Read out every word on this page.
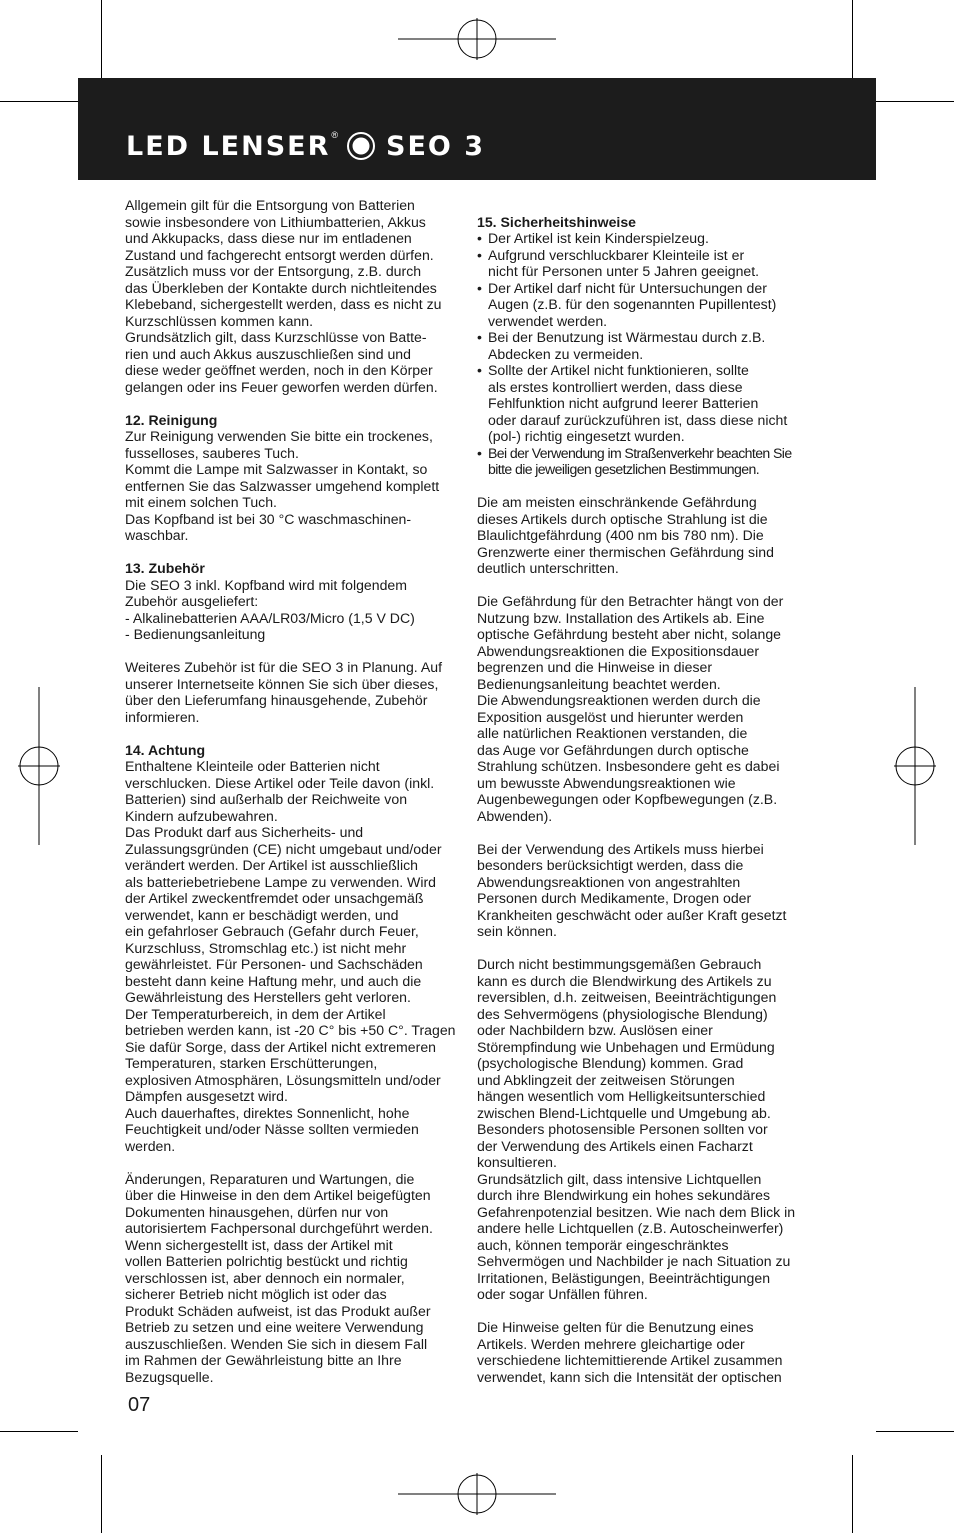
LED LENSER ® SEO 3
Allgemein gilt für die Entsorgung von Batterien
sowie insbesondere von Lithiumbatterien, Akkus
und Akkupacks, dass diese nur im entladenen
Zustand und fachgerecht entsorgt werden dürfen.
Zusätzlich muss vor der Entsorgung, z.B. durch
das Überkleben der Kontakte durch nichtleitendes
Klebeband, sichergestellt werden, dass es nicht zu
Kurzschlüssen kommen kann.
Grundsätzlich gilt, dass Kurzschlüsse von Batte-
rien und auch Akkus auszuschließen sind und
diese weder geöffnet werden, noch in den Körper
gelangen oder ins Feuer geworfen werden dürfen.

12. Reinigung

Zur Reinigung verwenden Sie bitte ein trockenes,
fusselloses, sauberes Tuch.
Kommt die Lampe mit Salzwasser in Kontakt, so
entfernen Sie das Salzwasser umgehend komplett
mit einem solchen Tuch.
Das Kopfband ist bei 30 °C waschmaschinen-
waschbar.

13. Zubehör

Die SEO 3 inkl. Kopfband wird mit folgendem
Zubehör ausgeliefert:
- Alkalinebatterien AAA/LR03/Micro (1,5 V DC)
- Bedienungsanleitung
Weiteres Zubehör ist für die SEO 3 in Planung. Auf
unserer Internetseite können Sie sich über dieses,
über den Lieferumfang hinausgehende, Zubehör
informieren.

14. Achtung

Enthaltene Kleinteile oder Batterien nicht
verschlucken. Diese Artikel oder Teile davon (inkl.
Batterien) sind außerhalb der Reichweite von
Kindern aufzubewahren.
Das Produkt darf aus Sicherheits- und
Zulassungsgründen (CE) nicht umgebaut und/oder
verändert werden. Der Artikel ist ausschließlich
als batteriebetriebene Lampe zu verwenden. Wird
der Artikel zweckentfremdet oder unsachgemäß
verwendet, kann er beschädigt werden, und
ein gefahrloser Gebrauch (Gefahr durch Feuer,
Kurzschluss, Stromschlag etc.) ist nicht mehr
gewährleistet. Für Personen- und Sachschäden
besteht dann keine Haftung mehr, und auch die
Gewährleistung des Herstellers geht verloren.
Der Temperaturbereich, in dem der Artikel
betrieben werden kann, ist -20 C° bis +50 C°. Tragen
Sie dafür Sorge, dass der Artikel nicht extremeren
Temperaturen, starken Erschütterungen,
explosiven Atmosphären, Lösungsmitteln und/oder
Dämpfen ausgesetzt wird.
Auch dauerhaftes, direktes Sonnenlicht, hohe
Feuchtigkeit und/oder Nässe sollten vermieden
werden.
Änderungen, Reparaturen und Wartungen, die
über die Hinweise in den dem Artikel beigefügten
Dokumenten hinausgehen, dürfen nur von
autorisiertem Fachpersonal durchgeführt werden.
Wenn sichergestellt ist, dass der Artikel mit
vollen Batterien polrichtig bestückt und richtig
verschlossen ist, aber dennoch ein normaler,
sicherer Betrieb nicht möglich ist oder das
Produkt Schäden aufweist, ist das Produkt außer
Betrieb zu setzen und eine weitere Verwendung
auszuschließen. Wenden Sie sich in diesem Fall
im Rahmen der Gewährleistung bitte an Ihre
Bezugsquelle.

15. Sicherheitshinweise

• Der Artikel ist kein Kinderspielzeug.
• Aufgrund verschluckbarer Kleinteile ist er
nicht für Personen unter 5 Jahren geeignet.
• Der Artikel darf nicht für Untersuchungen der
Augen (z.B. für den sogenannten Pupillentest)
verwendet werden.
• Bei der Benutzung ist Wärmestau durch z.B.
Abdecken zu vermeiden.
• Sollte der Artikel nicht funktionieren, sollte
als erstes kontrolliert werden, dass diese
Fehlfunktion nicht aufgrund leerer Batterien
oder darauf zurückzuführen ist, dass diese nicht
(pol-) richtig eingesetzt wurden.
• Bei der Verwendung im Straßenverkehr beachten Sie
bitte die jeweiligen gesetzlichen Bestimmungen.
Die am meisten einschränkende Gefährdung
dieses Artikels durch optische Strahlung ist die
Blaulichtgefährdung (400 nm bis 780 nm). Die
Grenzwerte einer thermischen Gefährdung sind
deutlich unterschritten.
Die Gefährdung für den Betrachter hängt von der
Nutzung bzw. Installation des Artikels ab. Eine
optische Gefährdung besteht aber nicht, solange
Abwendungsreaktionen die Expositionsdauer
begrenzen und die Hinweise in dieser
Bedienungsanleitung beachtet werden.
Die Abwendungsreaktionen werden durch die
Exposition ausgelöst und hierunter werden
alle natürlichen Reaktionen verstanden, die
das Auge vor Gefährdungen durch optische
Strahlung schützen. Insbesondere geht es dabei
um bewusste Abwendungsreaktionen wie
Augenbewegungen oder Kopfbewegungen (z.B.
Abwenden).
Bei der Verwendung des Artikels muss hierbei
besonders berücksichtigt werden, dass die
Abwendungsreaktionen von angestrahlten
Personen durch Medikamente, Drogen oder
Krankheiten geschwächt oder außer Kraft gesetzt
sein können.
Durch nicht bestimmungsgemäßen Gebrauch
kann es durch die Blendwirkung des Artikels zu
reversiblen, d.h. zeitweisen, Beeinträchtigungen
des Sehvermögens (physiologische Blendung)
oder Nachbildern bzw. Auslösen einer
Störempfindung wie Unbehagen und Ermüdung
(psychologische Blendung) kommen. Grad
und Abklingzeit der zeitweisen Störungen
hängen wesentlich vom Helligkeitsunterschied
zwischen Blend-Lichtquelle und Umgebung ab.
Besonders photosensible Personen sollten vor
der Verwendung des Artikels einen Facharzt
konsultieren.
Grundsätzlich gilt, dass intensive Lichtquellen
durch ihre Blendwirkung ein hohes sekundäres
Gefahrenpotenzial besitzen. Wie nach dem Blick in
andere helle Lichtquellen (z.B. Autoscheinwerfer)
auch, können temporär eingeschränktes
Sehvermögen und Nachbilder je nach Situation zu
Irritationen, Belästigungen, Beeinträchtigungen
oder sogar Unfällen führen.
Die Hinweise gelten für die Benutzung eines
Artikels. Werden mehrere gleichartige oder
verschiedene lichtemittierende Artikel zusammen
verwendet, kann sich die Intensität der optischen
07
